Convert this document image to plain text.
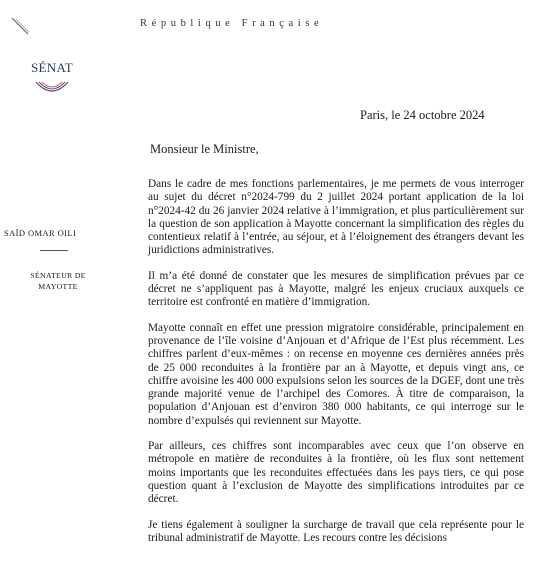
République Française
SÉNAT
SAÏD OMAR OILI
SÉNATEUR DE MAYOTTE
Paris, le 24 octobre 2024
Monsieur le Ministre,

Dans le cadre de mes fonctions parlementaires, je me permets de vous interroger au sujet du décret n°2024-799 du 2 juillet 2024 portant application de la loi n°2024-42 du 26 janvier 2024 relative à l’immigration, et plus particulièrement sur la question de son application à Mayotte concernant la simplification des règles du contentieux relatif à l’entrée, au séjour, et à l’éloignement des étrangers devant les juridictions administratives.

Il m’a été donné de constater que les mesures de simplification prévues par ce décret ne s’appliquent pas à Mayotte, malgré les enjeux cruciaux auxquels ce territoire est confronté en matière d’immigration.

Mayotte connaît en effet une pression migratoire considérable, principalement en provenance de l’île voisine d’Anjouan et d’Afrique de l’Est plus récemment. Les chiffres parlent d’eux-mêmes : on recense en moyenne ces dernières années près de 25 000 reconduites à la frontière par an à Mayotte, et depuis vingt ans, ce chiffre avoisine les 400 000 expulsions selon les sources de la DGEF, dont une très grande majorité venue de l’archipel des Comores. À titre de comparaison, la population d’Anjouan est d’environ 380 000 habitants, ce qui interroge sur le nombre d’expulsés qui reviennent sur Mayotte.

Par ailleurs, ces chiffres sont incomparables avec ceux que l’on observe en métropole en matière de reconduites à la frontière, où les flux sont nettement moins importants que les reconduites effectuées dans les pays tiers, ce qui pose question quant à l’exclusion de Mayotte des simplifications introduites par ce décret.

Je tiens également à souligner la surcharge de travail que cela représente pour le tribunal administratif de Mayotte. Les recours contre les décisions
